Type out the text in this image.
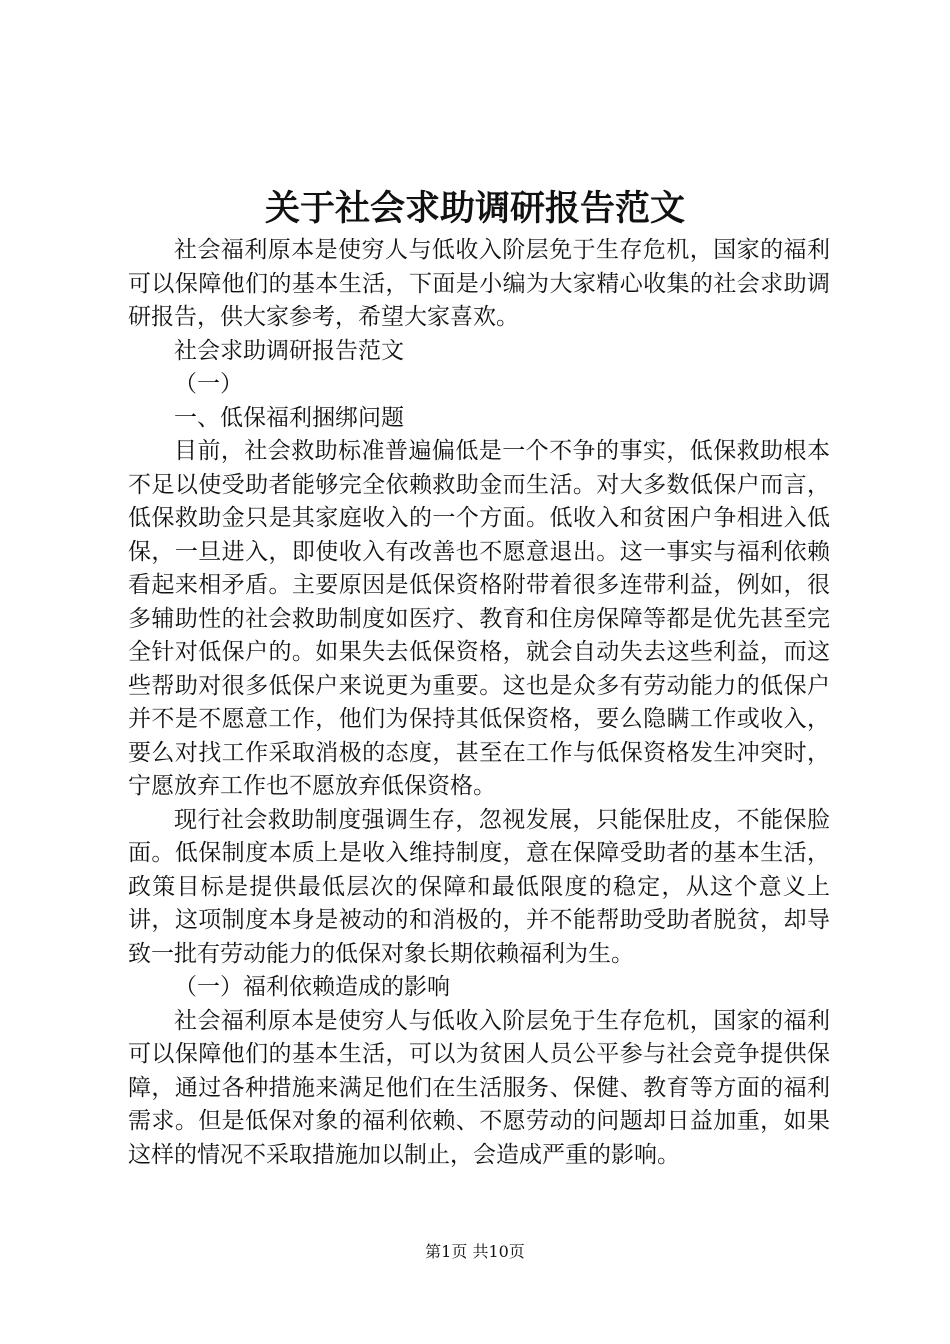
关于社会求助调研报告范文

社会福利原本是使穷人与低收入阶层免于生存危机，国家的福利可以保障他们的基本生活，下面是小编为大家精心收集的社会求助调研报告，供大家参考，希望大家喜欢。

社会求助调研报告范文

（一）

一、低保福利捆绑问题

目前，社会救助标准普遍偏低是一个不争的事实，低保救助根本不足以使受助者能够完全依赖救助金而生活。对大多数低保户而言，低保救助金只是其家庭收入的一个方面。低收入和贫困户争相进入低保，一旦进入，即使收入有改善也不愿意退出。这一事实与福利依赖看起来相矛盾。主要原因是低保资格附带着很多连带利益，例如，很多辅助性的社会救助制度如医疗、教育和住房保障等都是优先甚至完全针对低保户的。如果失去低保资格，就会自动失去这些利益，而这些帮助对很多低保户来说更为重要。这也是众多有劳动能力的低保户并不是不愿意工作，他们为保持其低保资格，要么隐瞒工作或收入，要么对找工作采取消极的态度，甚至在工作与低保资格发生冲突时，宁愿放弃工作也不愿放弃低保资格。

现行社会救助制度强调生存，忽视发展，只能保肚皮，不能保脸面。低保制度本质上是收入维持制度，意在保障受助者的基本生活，政策目标是提供最低层次的保障和最低限度的稳定，从这个意义上讲，这项制度本身是被动的和消极的，并不能帮助受助者脱贫，却导致一批有劳动能力的低保对象长期依赖福利为生。

（一）福利依赖造成的影响

社会福利原本是使穷人与低收入阶层免于生存危机，国家的福利可以保障他们的基本生活，可以为贫困人员公平参与社会竞争提供保障，通过各种措施来满足他们在生活服务、保健、教育等方面的福利需求。但是低保对象的福利依赖、不愿劳动的问题却日益加重，如果这样的情况不采取措施加以制止，会造成严重的影响。

第1页 共10页
